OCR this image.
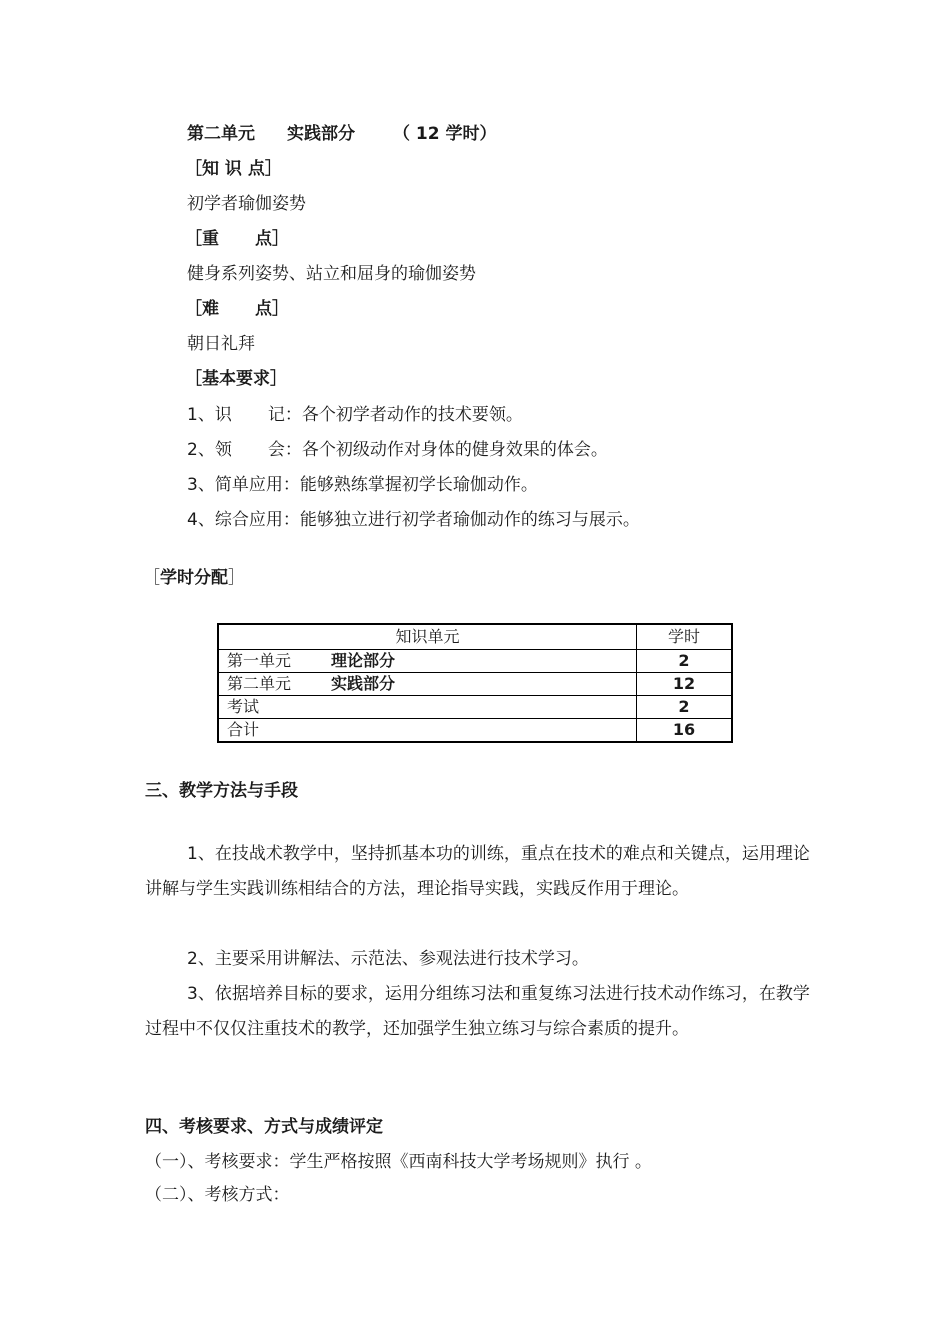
第二单元 实践部分 （ 12 学时）
［知 识 点］
初学者瑜伽姿势
［重 点］
健身系列姿势、站立和屈身的瑜伽姿势
［难 点］
朝日礼拜
［基本要求］
1、识 记：各个初学者动作的技术要领。
2、领 会：各个初级动作对身体的健身效果的体会。
3、简单应用：能够熟练掌握初学长瑜伽动作。
4、综合应用：能够独立进行初学者瑜伽动作的练习与展示。
［学时分配］
知识单元	学时
第一单元 理论部分	2
第二单元 实践部分	12
考试	2
合计	16
三、教学方法与手段
1、在技战术教学中，坚持抓基本功的训练，重点在技术的难点和关键点，运用理论讲解与学生实践训练相结合的方法，理论指导实践，实践反作用于理论。
2、主要采用讲解法、示范法、参观法进行技术学习。
3、依据培养目标的要求，运用分组练习法和重复练习法进行技术动作练习，在教学过程中不仅仅注重技术的教学，还加强学生独立练习与综合素质的提升。
四、考核要求、方式与成绩评定
（一）、考核要求：学生严格按照《西南科技大学考场规则》执行 。
（二）、考核方式：
